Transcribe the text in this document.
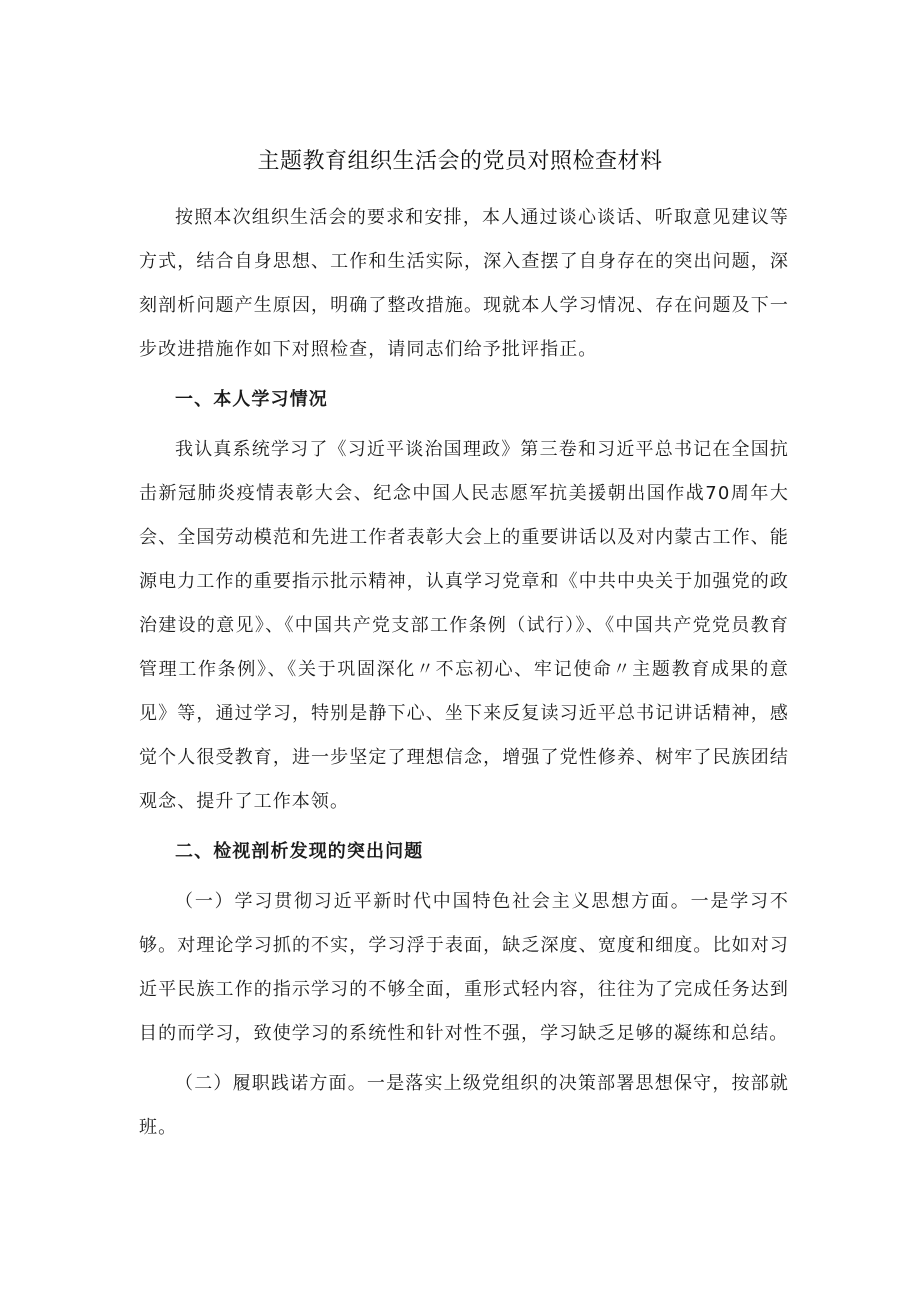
主题教育组织生活会的党员对照检查材料

按照本次组织生活会的要求和安排，本人通过谈心谈话、听取意见建议等方式，结合自身思想、工作和生活实际，深入查摆了自身存在的突出问题，深刻剖析问题产生原因，明确了整改措施。现就本人学习情况、存在问题及下一步改进措施作如下对照检查，请同志们给予批评指正。

一、本人学习情况

我认真系统学习了《习近平谈治国理政》第三卷和习近平总书记在全国抗击新冠肺炎疫情表彰大会、纪念中国人民志愿军抗美援朝出国作战70周年大会、全国劳动模范和先进工作者表彰大会上的重要讲话以及对内蒙古工作、能源电力工作的重要指示批示精神，认真学习党章和《中共中央关于加强党的政治建设的意见》、《中国共产党支部工作条例（试行）》、《中国共产党党员教育管理工作条例》、《关于巩固深化〃不忘初心、牢记使命〃主题教育成果的意见》等，通过学习，特别是静下心、坐下来反复读习近平总书记讲话精神，感觉个人很受教育，进一步坚定了理想信念，增强了党性修养、树牢了民族团结观念、提升了工作本领。

二、检视剖析发现的突出问题

（一）学习贯彻习近平新时代中国特色社会主义思想方面。一是学习不够。对理论学习抓的不实，学习浮于表面，缺乏深度、宽度和细度。比如对习近平民族工作的指示学习的不够全面，重形式轻内容，往往为了完成任务达到目的而学习，致使学习的系统性和针对性不强，学习缺乏足够的凝练和总结。

（二）履职践诺方面。一是落实上级党组织的决策部署思想保守，按部就班。
